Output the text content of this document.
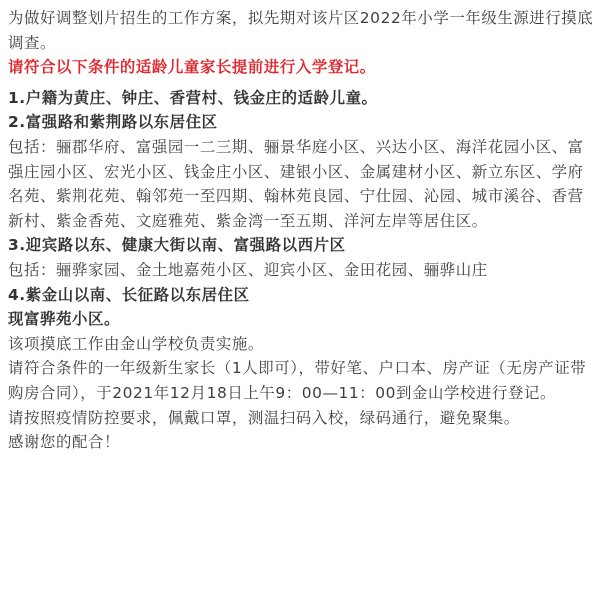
为做好调整划片招生的工作方案，拟先期对该片区2022年小学一年级生源进行摸底调查。

请符合以下条件的适龄儿童家长提前进行入学登记。

1.户籍为黄庄、钟庄、香营村、钱金庄的适龄儿童。

2.富强路和紫荆路以东居住区

包括：骊郡华府、富强园一二三期、骊景华庭小区、兴达小区、海洋花园小区、富强庄园小区、宏光小区、钱金庄小区、建银小区、金属建材小区、新立东区、学府名苑、紫荆花苑、翰邻苑一至四期、翰林苑良园、宁仕园、沁园、城市溪谷、香营新村、紫金香苑、文庭雅苑、紫金湾一至五期、洋河左岸等居住区。

3.迎宾路以东、健康大街以南、富强路以西片区

包括：骊骅家园、金土地嘉苑小区、迎宾小区、金田花园、骊骅山庄

4.紫金山以南、长征路以东居住区

现富骅苑小区。

该项摸底工作由金山学校负责实施。

请符合条件的一年级新生家长（1人即可），带好笔、户口本、房产证（无房产证带购房合同），于2021年12月18日上午9：00—11：00到金山学校进行登记。

请按照疫情防控要求，佩戴口罩，测温扫码入校，绿码通行，避免聚集。

感谢您的配合！
